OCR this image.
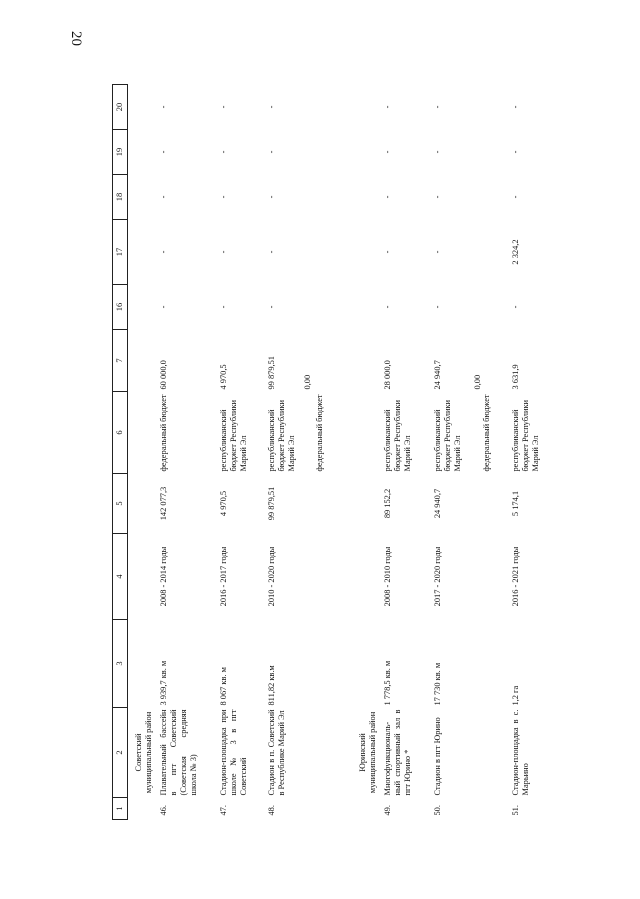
20
1	2	3	4	5	6	7	16	17	18	19	20
	Советский муниципальный район										
46.	Плавательный бассейн в пгт Советский (Советская средняя школа № 3)	3 939,7 кв. м	2008 - 2014 годы	142 077,3	федеральный бюджет	60 000,0	-	-	-	-	-
47.	Стадион-площадка при школе № 3 в пгт Советский	8 067 кв. м	2016 - 2017 годы	4 970,5	республиканский бюджет Республики Марий Эл	4 970,5	-	-	-	-	-
48.	Стадион в п. Советский в Республике Марий Эл	811,82 кв.м	2010 - 2020 годы	99 879,51	республиканский бюджет Республики Марий Эл федеральный бюджет	99 879,51 0,00	-	-	-	-	-
	Юринский муниципальный район										
49.	Многофункциональ-ный спортивный зал в пгт Юрино *	1 778,5 кв. м	2008 - 2010 годы	89 152,2	республиканский бюджет Республики Марий Эл	28 000,0	-	-	-	-	-
50.	Стадион в пгт Юрино	17 730 кв. м	2017 - 2020 годы	24 940,7	республиканский бюджет Республики Марий Эл федеральный бюджет	24 940,7 0,00	-	-	-	-	-
51.	Стадион-площадка в с. Марьино	1,2 га	2016 - 2021 годы	5 174,1	республиканский бюджет Республики Марий Эл	3 631,9	-	2 324,2	-	-	-
